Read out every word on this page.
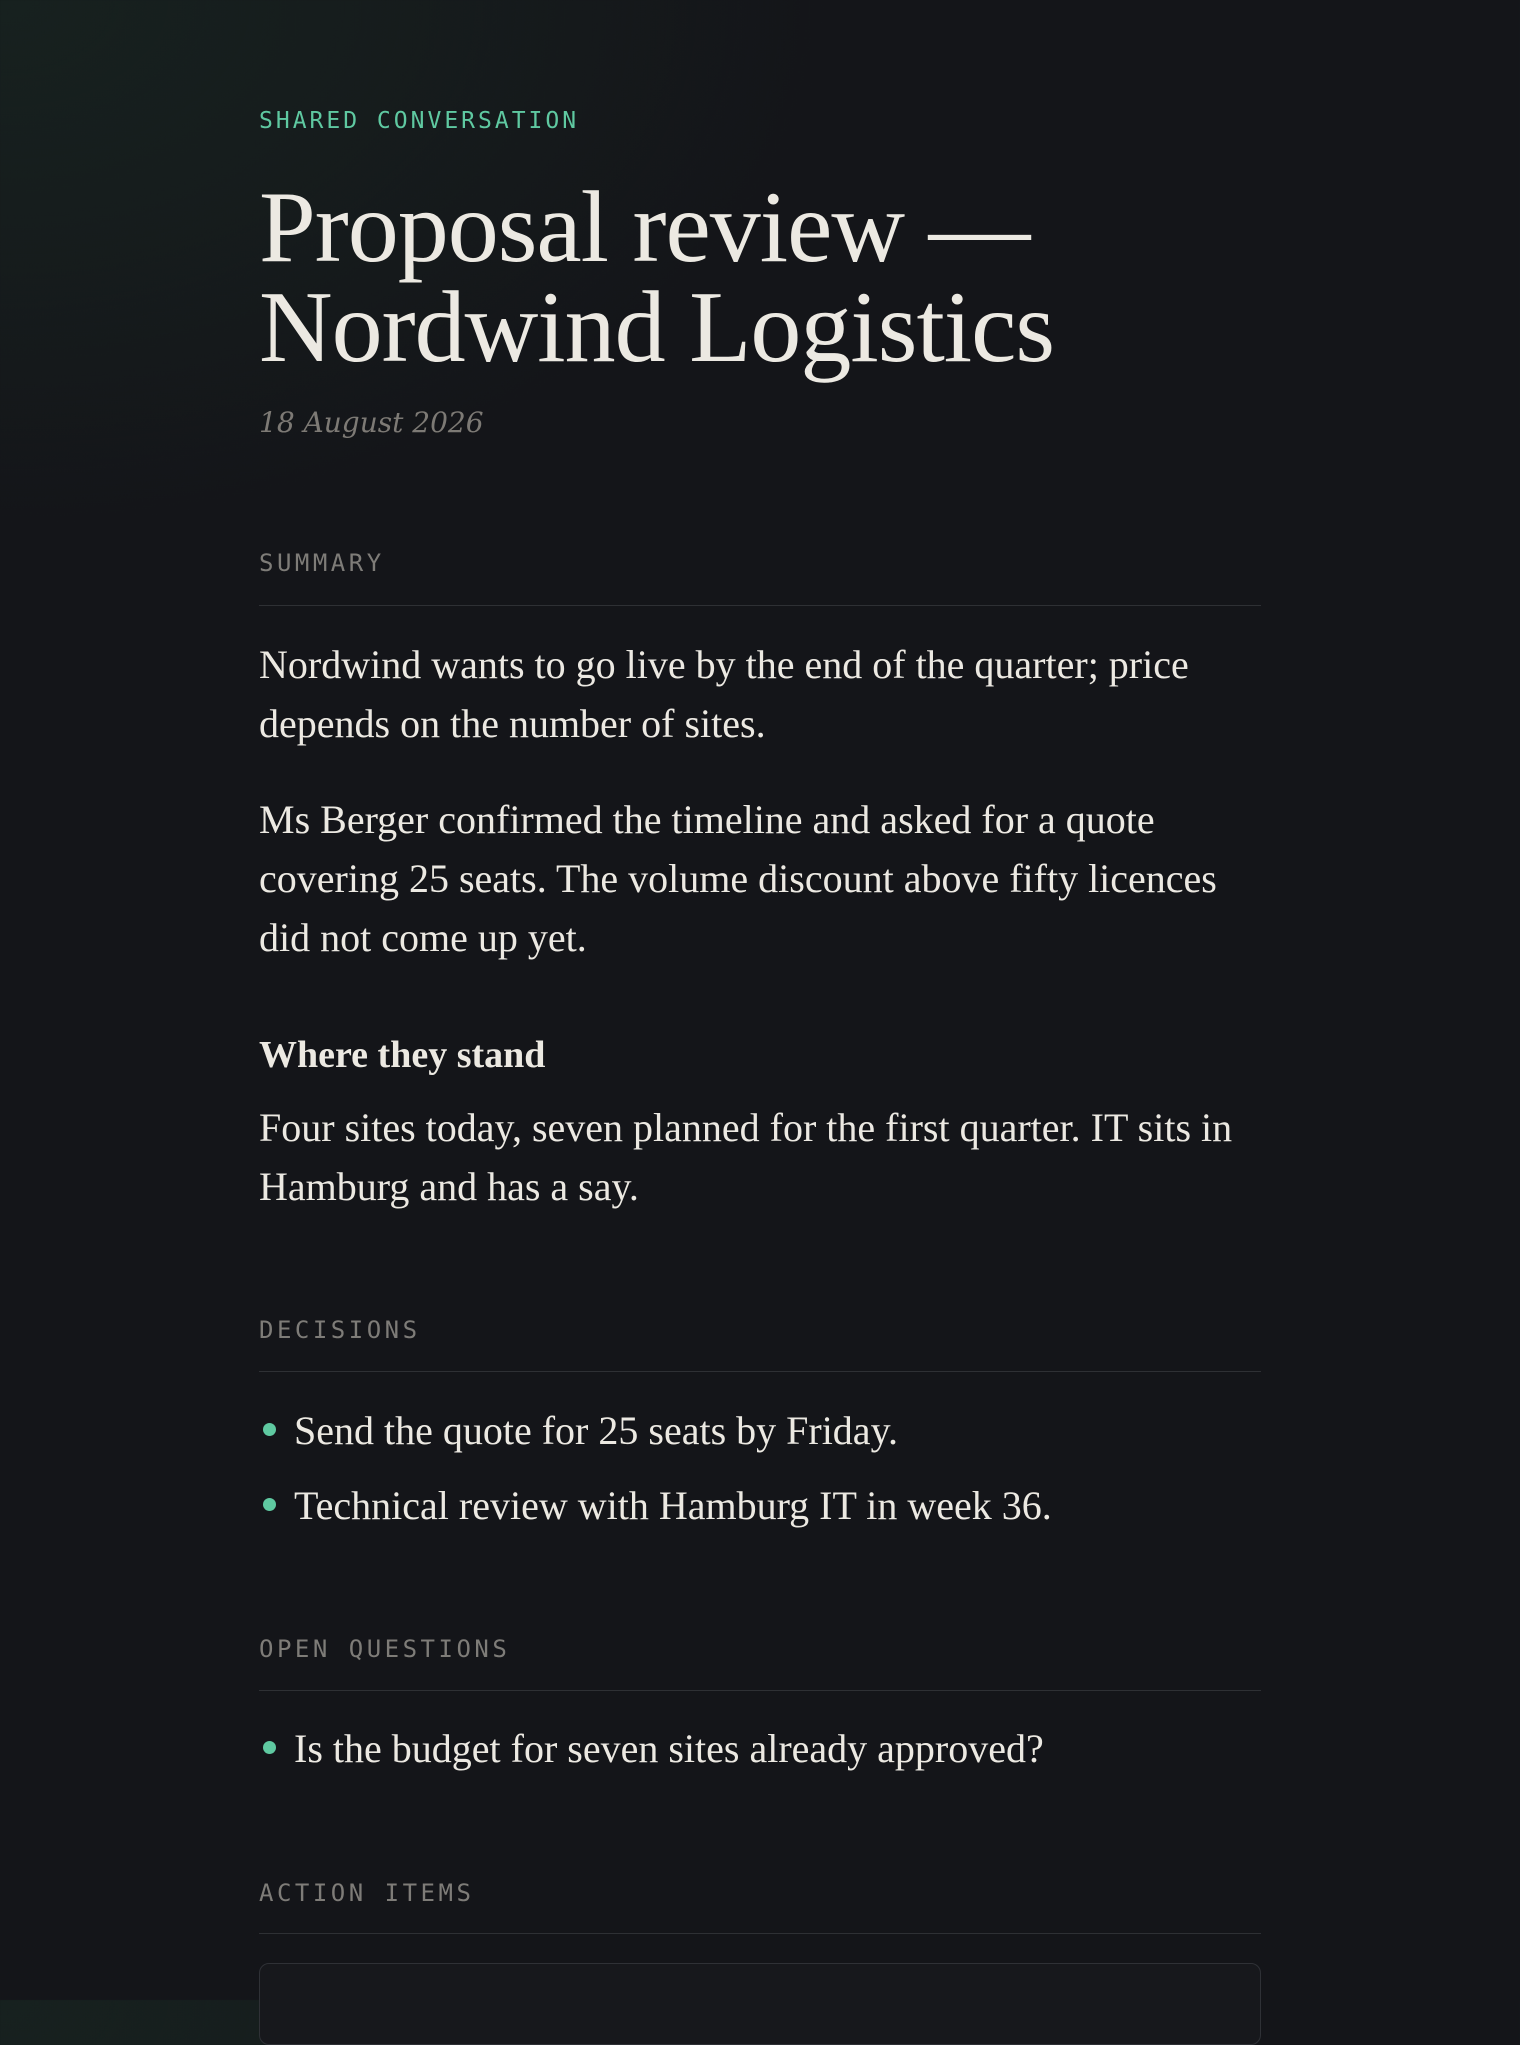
SHARED CONVERSATION
Proposal review — Nordwind Logistics
18 August 2026
SUMMARY

Nordwind wants to go live by the end of the quarter; price depends on the number of sites.

Ms Berger confirmed the timeline and asked for a quote covering 25 seats. The volume discount above fifty licences did not come up yet.

Where they stand

Four sites today, seven planned for the first quarter. IT sits in Hamburg and has a say.

DECISIONS
Send the quote for 25 seats by Friday.
Technical review with Hamburg IT in week 36.
OPEN QUESTIONS
Is the budget for seven sites already approved?
ACTION ITEMS
